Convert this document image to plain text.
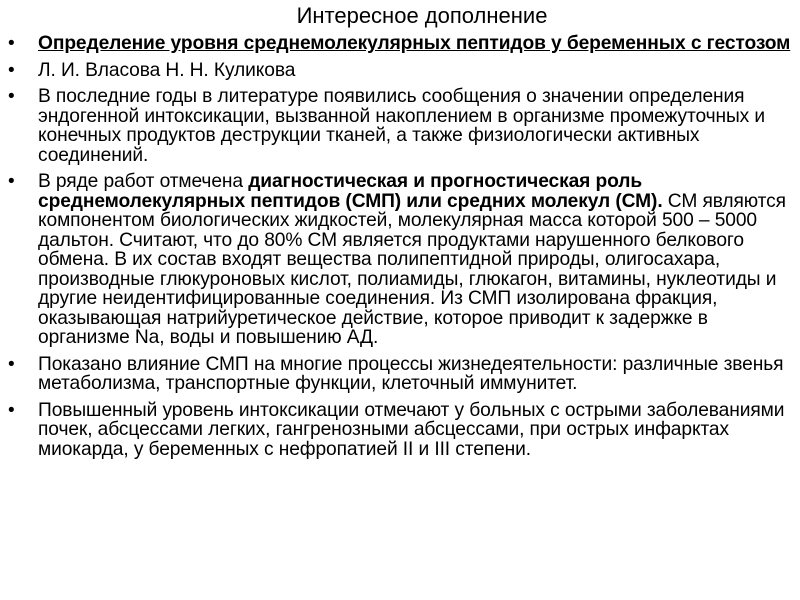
Интересное дополнение
• Определение уровня среднемолекулярных пептидов у беременных с гестозом
• Л. И. Власова Н. Н. Куликова
• В последние годы в литературе появились сообщения о значении определения эндогенной интоксикации, вызванной накоплением в организме промежуточных и конечных продуктов деструкции тканей, а также физиологически активных соединений.
• В ряде работ отмечена диагностическая и прогностическая роль среднемолекулярных пептидов (СМП) или средних молекул (СМ). СМ являются компонентом биологических жидкостей, молекулярная масса которой 500 – 5000 дальтон. Считают, что до 80% СМ является продуктами нарушенного белкового обмена. В их состав входят вещества полипептидной природы, олигосахара, производные глюкуроновых кислот, полиамиды, глюкагон, витамины, нуклеотиды и другие неидентифицированные соединения. Из СМП изолирована фракция, оказывающая натрийуретическое действие, которое приводит к задержке в организме Na, воды и повышению АД.
• Показано влияние СМП на многие процессы жизнедеятельности: различные звенья метаболизма, транспортные функции, клеточный иммунитет.
• Повышенный уровень интоксикации отмечают у больных с острыми заболеваниями почек, абсцессами легких, гангренозными абсцессами, при острых инфарктах миокарда, у беременных с нефропатией II и III степени.
